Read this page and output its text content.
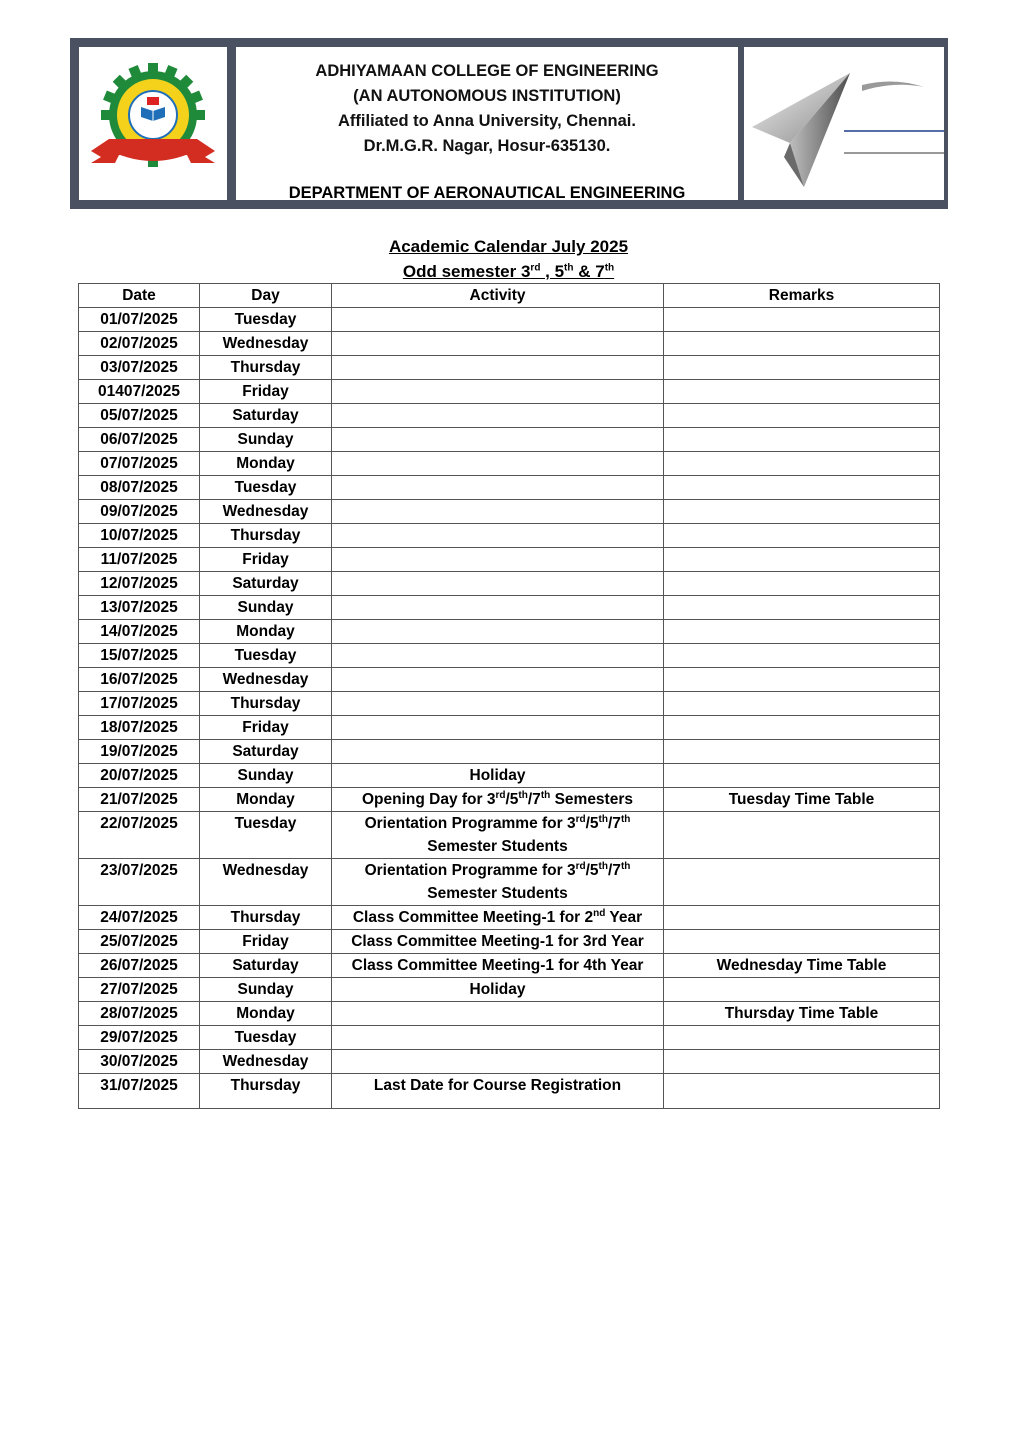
ADHIYAMAAN COLLEGE OF ENGINEERING
(AN AUTONOMOUS INSTITUTION)
Affiliated to Anna University, Chennai.
Dr.M.G.R. Nagar, Hosur-635130.
DEPARTMENT OF AERONAUTICAL ENGINEERING
Academic Calendar July 2025
Odd semester 3rd , 5th & 7th
Date	Day	Activity	Remarks
01/07/2025	Tuesday		
02/07/2025	Wednesday		
03/07/2025	Thursday		
01407/2025	Friday		
05/07/2025	Saturday		
06/07/2025	Sunday		
07/07/2025	Monday		
08/07/2025	Tuesday		
09/07/2025	Wednesday		
10/07/2025	Thursday		
11/07/2025	Friday		
12/07/2025	Saturday		
13/07/2025	Sunday		
14/07/2025	Monday		
15/07/2025	Tuesday		
16/07/2025	Wednesday		
17/07/2025	Thursday		
18/07/2025	Friday		
19/07/2025	Saturday		
20/07/2025	Sunday	Holiday	
21/07/2025	Monday	Opening Day for 3rd/5th/7th Semesters	Tuesday Time Table
22/07/2025	Tuesday	Orientation Programme for 3rd/5th/7th
Semester Students	

23/07/2025	Wednesday	Orientation Programme for 3rd/5th/7th
Semester Students	

24/07/2025	Thursday	Class Committee Meeting-1 for 2nd Year	

25/07/2025	Friday	Class Committee Meeting-1 for 3rd Year	
26/07/2025	Saturday	Class Committee Meeting-1 for 4th Year	Wednesday Time Table
27/07/2025	Sunday	Holiday	
28/07/2025	Monday		Thursday Time Table
29/07/2025	Tuesday		
30/07/2025	Wednesday		
31/07/2025	Thursday	Last Date for Course Registration	
